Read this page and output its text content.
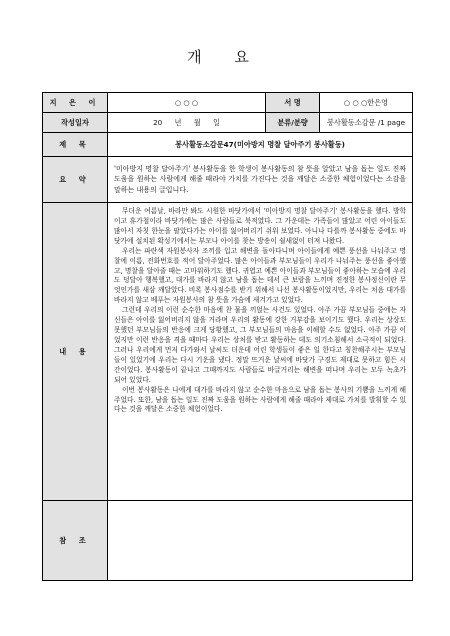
개 요
지 은 이	○ ○ ○	서 명	○ ○ ○한은영
작성일자	20 년 월 일	분류/분량	봉사활동소감문 /1 page
제 목	봉사활동소감문47(미아방지 명찰 달아주기 봉사활동)		
요 약	'미아방지 명찰 달아주기' 봉사활동을 한 학생이 봉사활동의 참 뜻을 알았고 남을 돕는 일도 진짜 도움을 원하는 사람에게 해줄 때라야 가치를 가진다는 것을 깨달은 소중한 체험이었다는 소감을 말하는 내용의 글입니다.		
내 용	무더운 여름날, 바라만 봐도 시원한 바닷가에서 '미아방지 명찰 달아주기' 봉사활동을 했다. 방학이고 휴가철이라 바닷가에는 많은 사람들로 북적였다. 그 가운데는 가족들이 많았고 어린 아이들도 많아서 자칫 한눈을 팔았다가는 아이를 잃어버리기 쉬워 보였다. 아니나 다를까 봉사활동 중에도 바닷가에 설치된 확성기에서는 부모나 아이를 찾는 방송이 쉴새없이 터져 나왔다.

우리는 파란색 자원봉사자 조끼를 입고 해변을 돌아다니며 아이들에게 예쁜 풍선을 나눠주고 명찰에 이름, 전화번호를 적어 달아주었다. 많은 아이들과 부모님들이 우리가 나눠주는 풍선을 좋아했고, 명찰을 달아줄 때는 고마워하기도 했다. 귀엽고 예쁜 아이들과 부모님들이 좋아하는 모습에 우리도 덩달아 행복했고, 대가를 바라지 않고 남을 돕는 데서 큰 보람을 느끼며 진정한 봉사정신이란 무엇인가를 새삼 깨달았다. 비록 봉사점수를 받기 위해서 나선 봉사활동이었지만, 우리는 처음 대가를 바라지 않고 베푸는 자원봉사의 참 뜻을 가슴에 새겨가고 있었다.

그런데 우리의 이런 순수한 마음에 찬 물을 끼얹는 사건도 있었다. 아주 가끔 부모님들 중에는 자신들은 아이를 잃어버리지 않을 거라며 우리의 활동에 강한 거부감을 보이기도 했다. 우리는 상상도 못했던 부모님들의 반응에 크게 당황했고, 그 부모님들의 마음을 이해할 수도 없었다. 아주 가끔 이었지만 이런 반응을 격을 때마다 우리는 상처를 받고 활동하는 데도 의기소침해서 소극적이 되었다. 그러나 우리에게 먼저 다가와서 날씨도 더운데 어린 학생들이 좋은 일 한다고 칭찬해주시는 부모님들이 있었기에 우리는 다시 기운을 냈다. 정말 뜨거운 날씨에 바닷가 구경도 제대로 못하고 힘든 시간이었다. 봉사활동이 끝나고 그때까지도 사람들로 바글거리는 해변을 떠나며 우리는 모두 녹초가 되어 있었다.

이번 봉사활동은 나에게 대가를 바라지 않고 순수한 마음으로 남을 돕는 봉사의 기쁨을 느끼게 해주었다. 또한, 남을 돕는 일도 진짜 도움을 원하는 사람에게 해줄 때라야 제대로 가치를 발휘할 수 있다는 것을 깨달은 소중한 체험이었다.		

참 조			
